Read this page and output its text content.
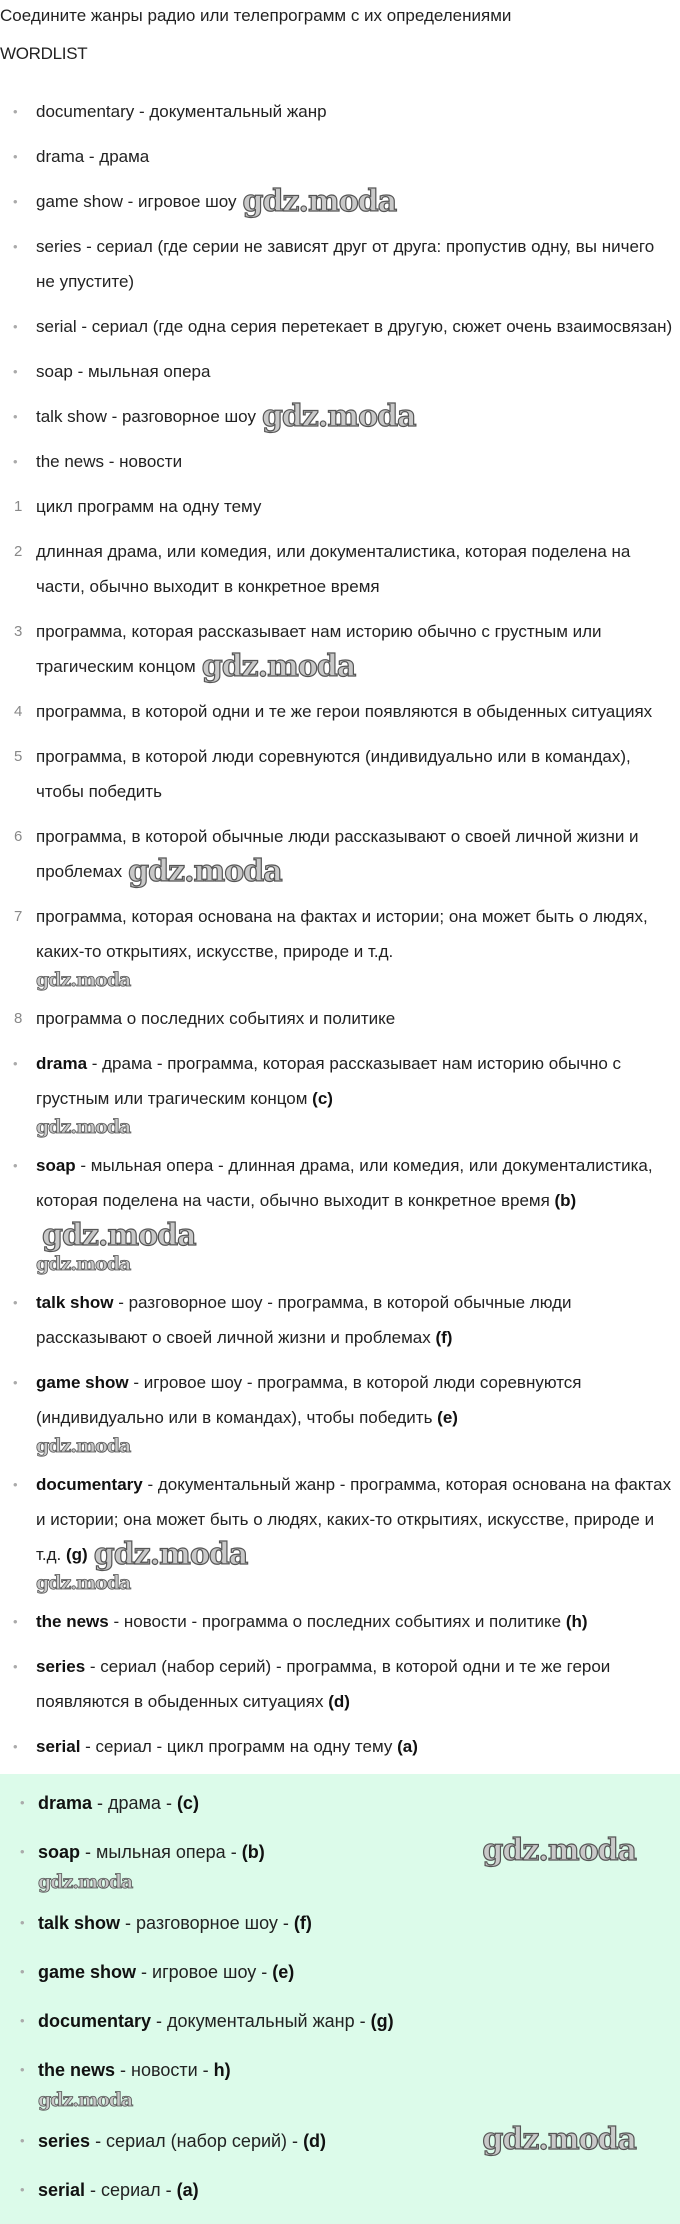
Соедините жанры радио или телепрограмм с их определениями
WORDLIST
• documentary - документальный жанр
• drama - драма
• game show - игровое шоу gdz.moda
• series - сериал (где серии не зависят друг от друга: пропустив одну, вы ничего не упустите)
• serial - сериал (где одна серия перетекает в другую, сюжет очень взаимосвязан)
• soap - мыльная опера
• talk show - разговорное шоу gdz.moda
• the news - новости
1 цикл программ на одну тему
2 длинная драма, или комедия, или документалистика, которая поделена на части, обычно выходит в конкретное время
3 программа, которая рассказывает нам историю обычно с грустным или трагическим концом gdz.moda
4 программа, в которой одни и те же герои появляются в обыденных ситуациях
5 программа, в которой люди соревнуются (индивидуально или в командах), чтобы победить
6 программа, в которой обычные люди рассказывают о своей личной жизни и проблемах gdz.moda
7 программа, которая основана на фактах и истории; она может быть о людях, каких-то открытиях, искусстве, природе и т.д.
gdz.moda
8 программа о последних событиях и политике
• drama - драма - программа, которая рассказывает нам историю обычно с грустным или трагическим концом (c)
gdz.moda
• soap - мыльная опера - длинная драма, или комедия, или документалистика, которая поделена на части, обычно выходит в конкретное время (b)gdz.moda
gdz.moda
• talk show - разговорное шоу - программа, в которой обычные люди рассказывают о своей личной жизни и проблемах (f)
• game show - игровое шоу - программа, в которой люди соревнуются (индивидуально или в командах), чтобы победить (e)
gdz.moda
• documentary - документальный жанр - программа, которая основана на фактах и истории; она может быть о людях, каких-то открытиях, искусстве, природе и т.д. (g) gdz.moda
gdz.moda
• the news - новости - программа о последних событиях и политике (h)
• series - сериал (набор серий) - программа, в которой одни и те же герои появляются в обыденных ситуациях (d)
• serial - сериал - цикл программ на одну тему (a)
• drama - драма - (c)
gdz.moda
• soap - мыльная опера - (b)
gdz.moda
• talk show - разговорное шоу - (f)
• game show - игровое шоу - (e)
• documentary - документальный жанр - (g)
• the news - новости - h)
gdz.moda
gdz.moda
• series - сериал (набор серий) - (d)
• serial - сериал - (a)
